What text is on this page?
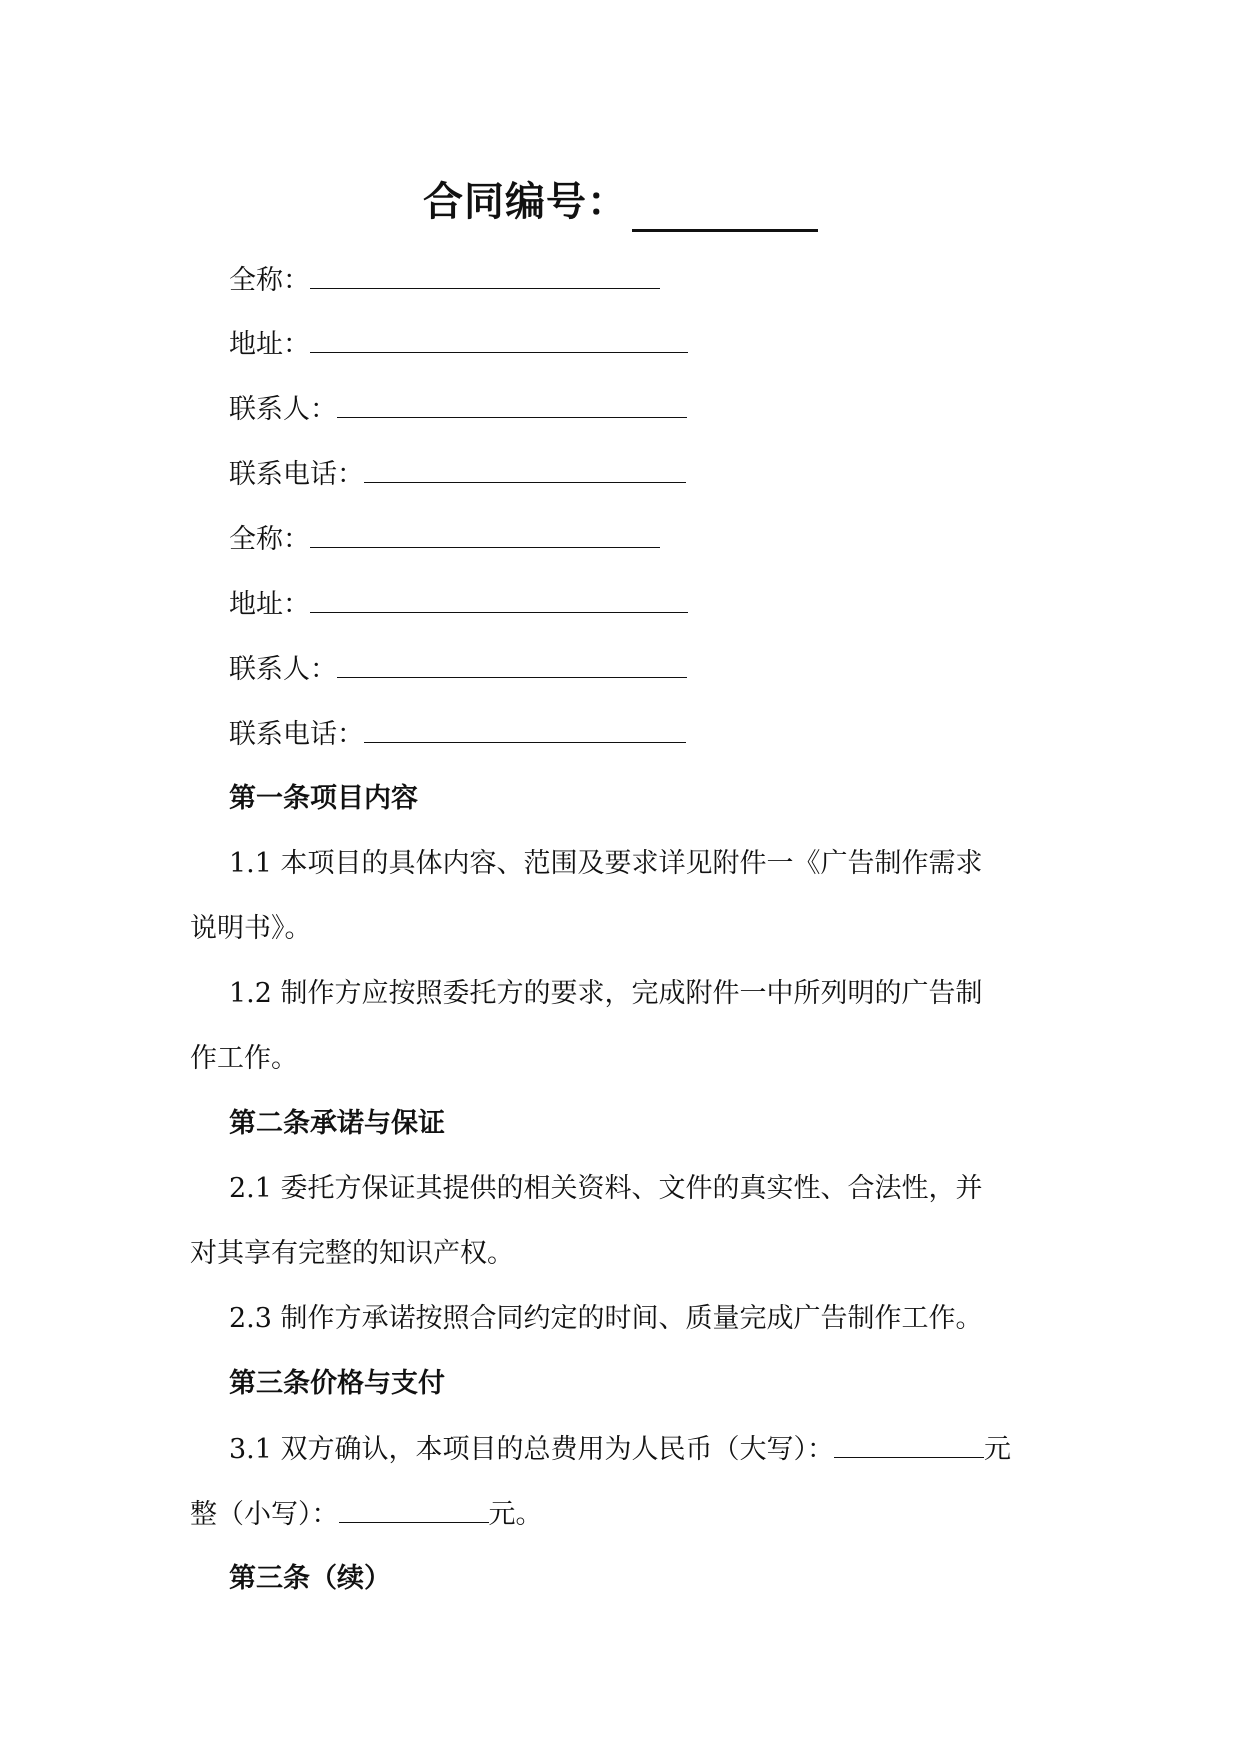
合同编号：
全称：
地址：
联系人：
联系电话：
全称：
地址：
联系人：
联系电话：
第一条项目内容
1.1 本项目的具体内容、范围及要求详见附件一《广告制作需求
说明书》。
1.2 制作方应按照委托方的要求，完成附件一中所列明的广告制
作工作。
第二条承诺与保证
2.1 委托方保证其提供的相关资料、文件的真实性、合法性，并
对其享有完整的知识产权。
2.3 制作方承诺按照合同约定的时间、质量完成广告制作工作。
第三条价格与支付
3.1 双方确认，本项目的总费用为人民币（大写）：	元
整（小写）：	元。
第三条（续）
